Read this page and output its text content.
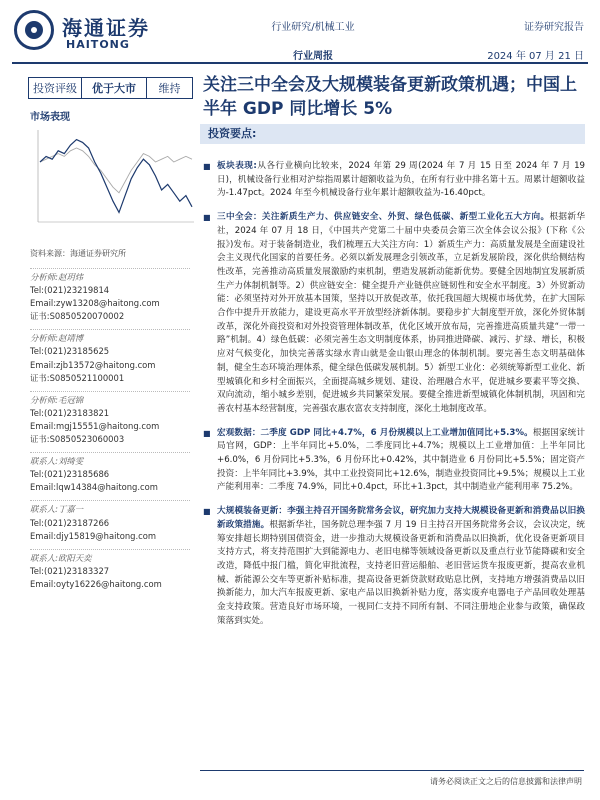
海通证券
HAITONG
行业研究/机械工业
行业周报
证券研究报告
2024 年 07 月 21 日
投资评级	优于大市	维持
市场表现
资料来源：海通证券研究所
分析师:赵玥炜
Tel:(021)23219814
Email:zyw13208@haitong.com
证书:S0850520070002
分析师:赵靖博
Tel:(021)23185625
Email:zjb13572@haitong.com
证书:S0850521100001
分析师:毛冠锦
Tel:(021)23183821
Email:mgj15551@haitong.com
证书:S0850523060003
联系人:刘绮雯
Tel:(021)23185686
Email:lqw14384@haitong.com
联系人:丁嘉一
Tel:(021)23187266
Email:djy15819@haitong.com
联系人:欧阳天奕
Tel:(021)23183327
Email:oyty16226@haitong.com
关注三中全会及大规模装备更新政策机遇；中国上半年 GDP 同比增长 5%
投资要点:
■ 板块表现:从各行业横向比较来，2024 年第 29 周(2024 年 7 月 15 日至 2024 年 7 月 19 日)，机械设备行业相对沪综指周累计超额收益为负，在所有行业中排名第十五。周累计超额收益为-1.47pct。2024 年至今机械设备行业年累计超额收益为-16.40pct。
■ 三中全会：关注新质生产力、供应链安全、外贸、绿色低碳、新型工业化五大方向。根据新华社，2024 年 07 月 18 日，《中国共产党第二十届中央委员会第三次全体会议公报》(下称《公报》)发布。对于装备制造业，我们梳理五大关注方向：1）新质生产力：高质量发展是全面建设社会主义现代化国家的首要任务。必须以新发展理念引领改革，立足新发展阶段，深化供给侧结构性改革，完善推动高质量发展激励约束机制，塑造发展新动能新优势。要健全因地制宜发展新质生产力体制机制等。2）供应链安全：健全提升产业链供应链韧性和安全水平制度。3）外贸新动能：必须坚持对外开放基本国策，坚持以开放促改革，依托我国超大规模市场优势，在扩大国际合作中提升开放能力，建设更高水平开放型经济新体制。要稳步扩大制度型开放，深化外贸体制改革，深化外商投资和对外投资管理体制改革，优化区域开放布局，完善推进高质量共建“一带一路”机制。4）绿色低碳：必须完善生态文明制度体系，协同推进降碳、减污、扩绿、增长，积极应对气候变化，加快完善落实绿水青山就是金山银山理念的体制机制。要完善生态文明基础体制，健全生态环境治理体系，健全绿色低碳发展机制。5）新型工业化：必须统筹新型工业化、新型城镇化和乡村全面振兴，全面提高城乡规划、建设、治理融合水平，促进城乡要素平等交换、双向流动，缩小城乡差别，促进城乡共同繁荣发展。要健全推进新型城镇化体制机制，巩固和完善农村基本经营制度，完善强农惠农富农支持制度，深化土地制度改革。
■ 宏观数据：二季度 GDP 同比+4.7%，6 月份规模以上工业增加值同比+5.3%。根据国家统计局官网，GDP：上半年同比+5.0%，二季度同比+4.7%；规模以上工业增加值：上半年同比+6.0%，6 月份同比+5.3%，6 月份环比+0.42%，其中制造业 6 月份同比+5.5%；固定资产投资：上半年同比+3.9%，其中工业投资同比+12.6%，制造业投资同比+9.5%；规模以上工业产能利用率：二季度 74.9%，同比+0.4pct，环比+1.3pct，其中制造业产能利用率 75.2%。
■ 大规模装备更新：李强主持召开国务院常务会议，研究加力支持大规模设备更新和消费品以旧换新政策措施。根据新华社，国务院总理李强 7 月 19 日主持召开国务院常务会议，会议决定，统筹安排超长期特别国债资金，进一步推动大规模设备更新和消费品以旧换新，优化设备更新项目支持方式，将支持范围扩大到能源电力、老旧电梯等领域设备更新以及重点行业节能降碳和安全改造，降低中报门槛，简化审批流程，支持老旧营运船舶、老旧营运货车报废更新，提高农业机械、新能源公交车等更新补贴标准，提高设备更新贷款财政贴息比例，支持地方增强消费品以旧换新能力，加大汽车报废更新、家电产品以旧换新补贴力度，落实废弃电器电子产品回收处理基金支持政策。营造良好市场环境，一视同仁支持不同所有制、不同注册地企业参与政策，确保政策落到实处。
请务必阅读正文之后的信息披露和法律声明
